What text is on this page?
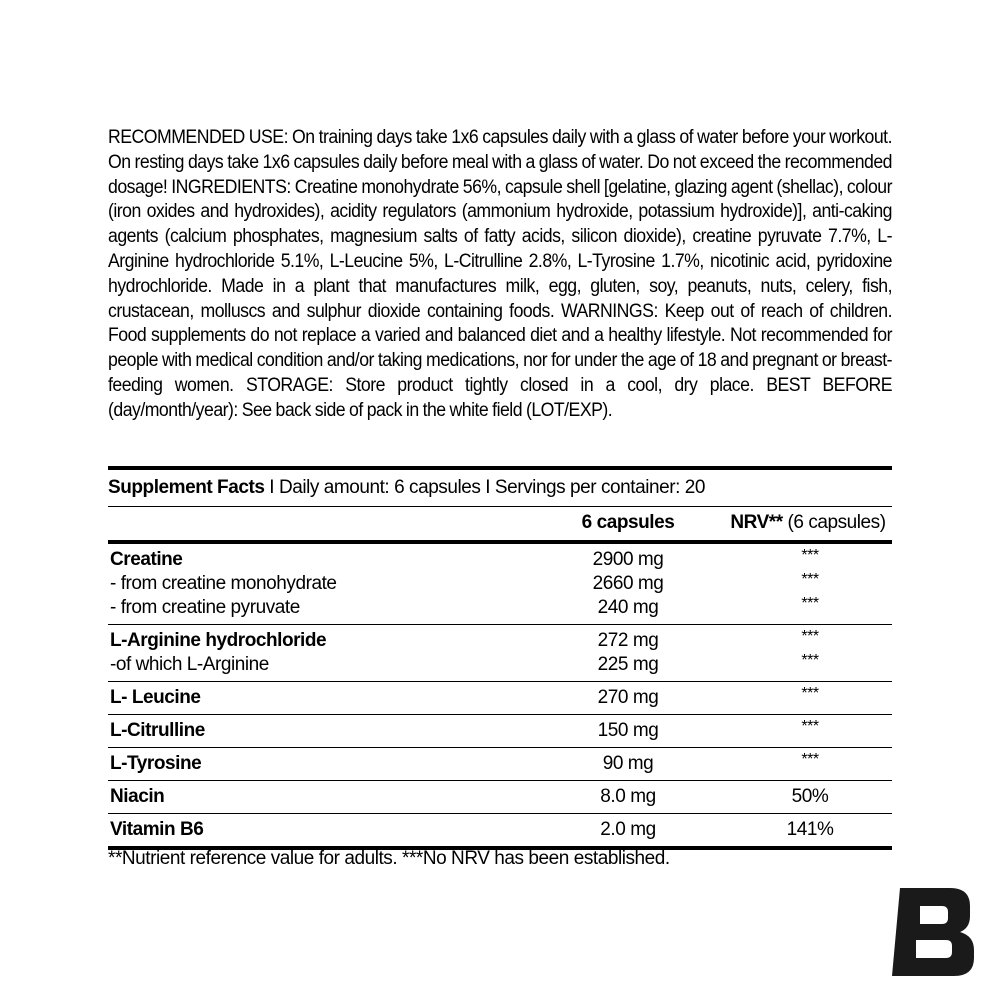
RECOMMENDED USE: On training days take 1x6 capsules daily with a glass of water before your workout. On resting days take 1x6 capsules daily before meal with a glass of water. Do not exceed the recommended dosage! INGREDIENTS: Creatine monohydrate 56%, capsule shell [gelatine, glazing agent (shellac), colour (iron oxides and hydroxides), acidity regulators (ammonium hydroxide, potassium hydroxide)], anti-caking agents (calcium phosphates, magnesium salts of fatty acids, silicon dioxide), creatine pyruvate 7.7%, L-Arginine hydrochloride 5.1%, L-Leucine 5%, L-Citrulline 2.8%, L-Tyrosine 1.7%, nicotinic acid, pyridoxine hydrochloride. Made in a plant that manufactures milk, egg, gluten, soy, peanuts, nuts, celery, fish, crustacean, molluscs and sulphur dioxide containing foods. WARNINGS: Keep out of reach of children. Food supplements do not replace a varied and balanced diet and a healthy lifestyle. Not recommended for people with medical condition and/or taking medications, nor for under the age of 18 and pregnant or breast-feeding women. STORAGE: Store product tightly closed in a cool, dry place. BEST BEFORE (day/month/year): See back side of pack in the white field (LOT/EXP).
Supplement Facts I Daily amount: 6 capsules I Servings per container: 20
6 capsules	NRV** (6 capsules)
Creatine	2900 mg	***
- from creatine monohydrate	2660 mg	***
- from creatine pyruvate	240 mg	***
L-Arginine hydrochloride	272 mg	***
-of which L-Arginine	225 mg	***
L- Leucine	270 mg	***
L-Citrulline	150 mg	***
L-Tyrosine	90 mg	***
Niacin	8.0 mg	50%
Vitamin B6	2.0 mg	141%
**Nutrient reference value for adults. ***No NRV has been established.
